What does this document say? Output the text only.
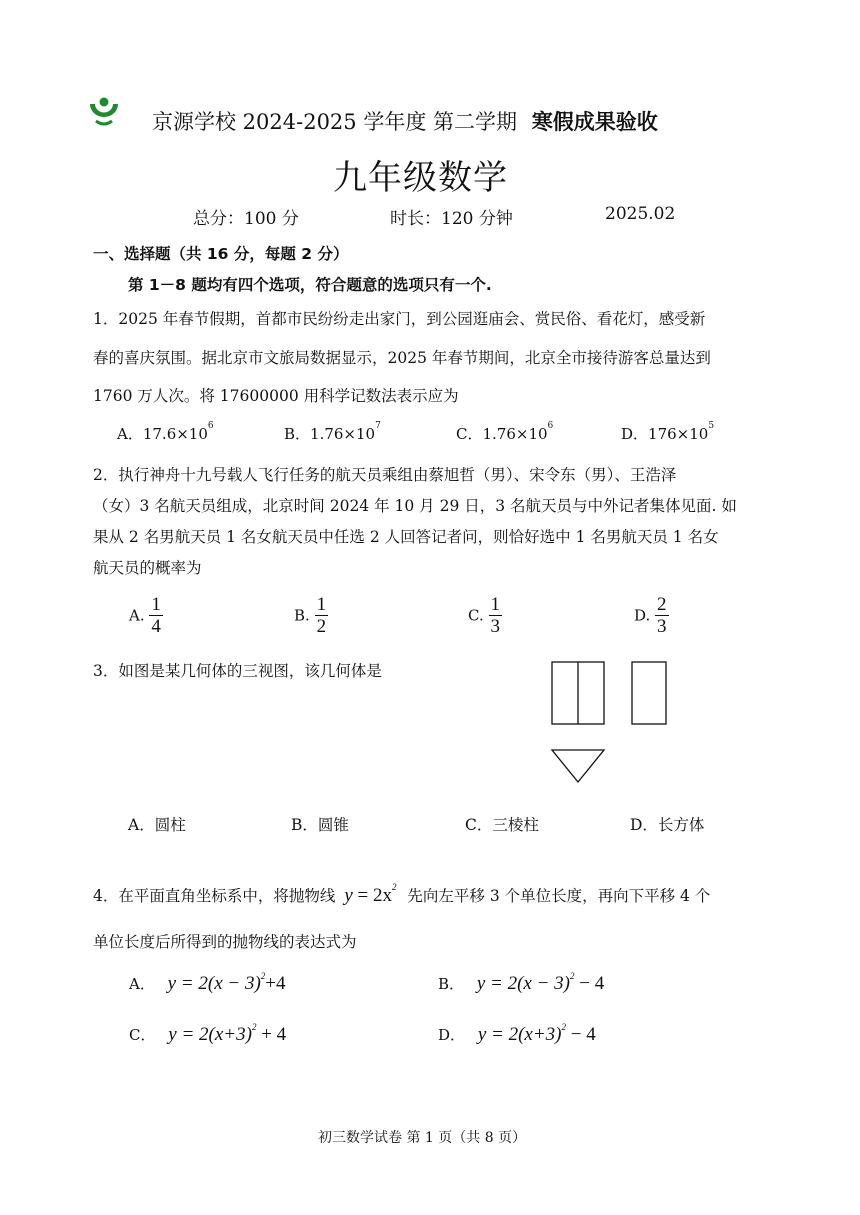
京源学校 2024-2025 学年度 第二学期 寒假成果验收
九年级数学
总分：100 分	时长：120 分钟	2025.02
一、选择题（共 16 分，每题 2 分）
第 1－8 题均有四个选项，符合题意的选项只有一个.
1．2025 年春节假期，首都市民纷纷走出家门，到公园逛庙会、赏民俗、看花灯，感受新
春的喜庆氛围。据北京市文旅局数据显示，2025 年春节期间，北京全市接待游客总量达到
1760 万人次。将 17600000 用科学记数法表示应为
A．$17.6\times 10^6$	B．$1.76\times 10^7$	C．$1.76\times 10^6$	D．$176\times 10^5$
2．执行神舟十九号载人飞行任务的航天员乘组由蔡旭哲（男）、宋令东（男）、王浩泽
（女）3 名航天员组成，北京时间 2024 年 10 月 29 日，3 名航天员与中外记者集体见面. 如
果从 2 名男航天员 1 名女航天员中任选 2 人回答记者问，则恰好选中 1 名男航天员 1 名女
航天员的概率为
A. $\frac{1}{4}$	B. $\frac{1}{2}$	C. $\frac{1}{3}$	D. $\frac{2}{3}$
3．如图是某几何体的三视图，该几何体是
A．圆柱	B．圆锥	C．三棱柱	D．长方体
4．在平面直角坐标系中，将抛物线 $y = 2x^2$ 先向左平移 3 个单位长度，再向下平移 4 个
单位长度后所得到的抛物线的表达式为
A． $y = 2(x - 3)^2+4$	B． $y = 2(x - 3)^2 - 4$
C． $y = 2(x+3)^2 + 4$	D． $y = 2(x+3)^2 - 4$
初三数学试卷 第 1 页（共 8 页）
